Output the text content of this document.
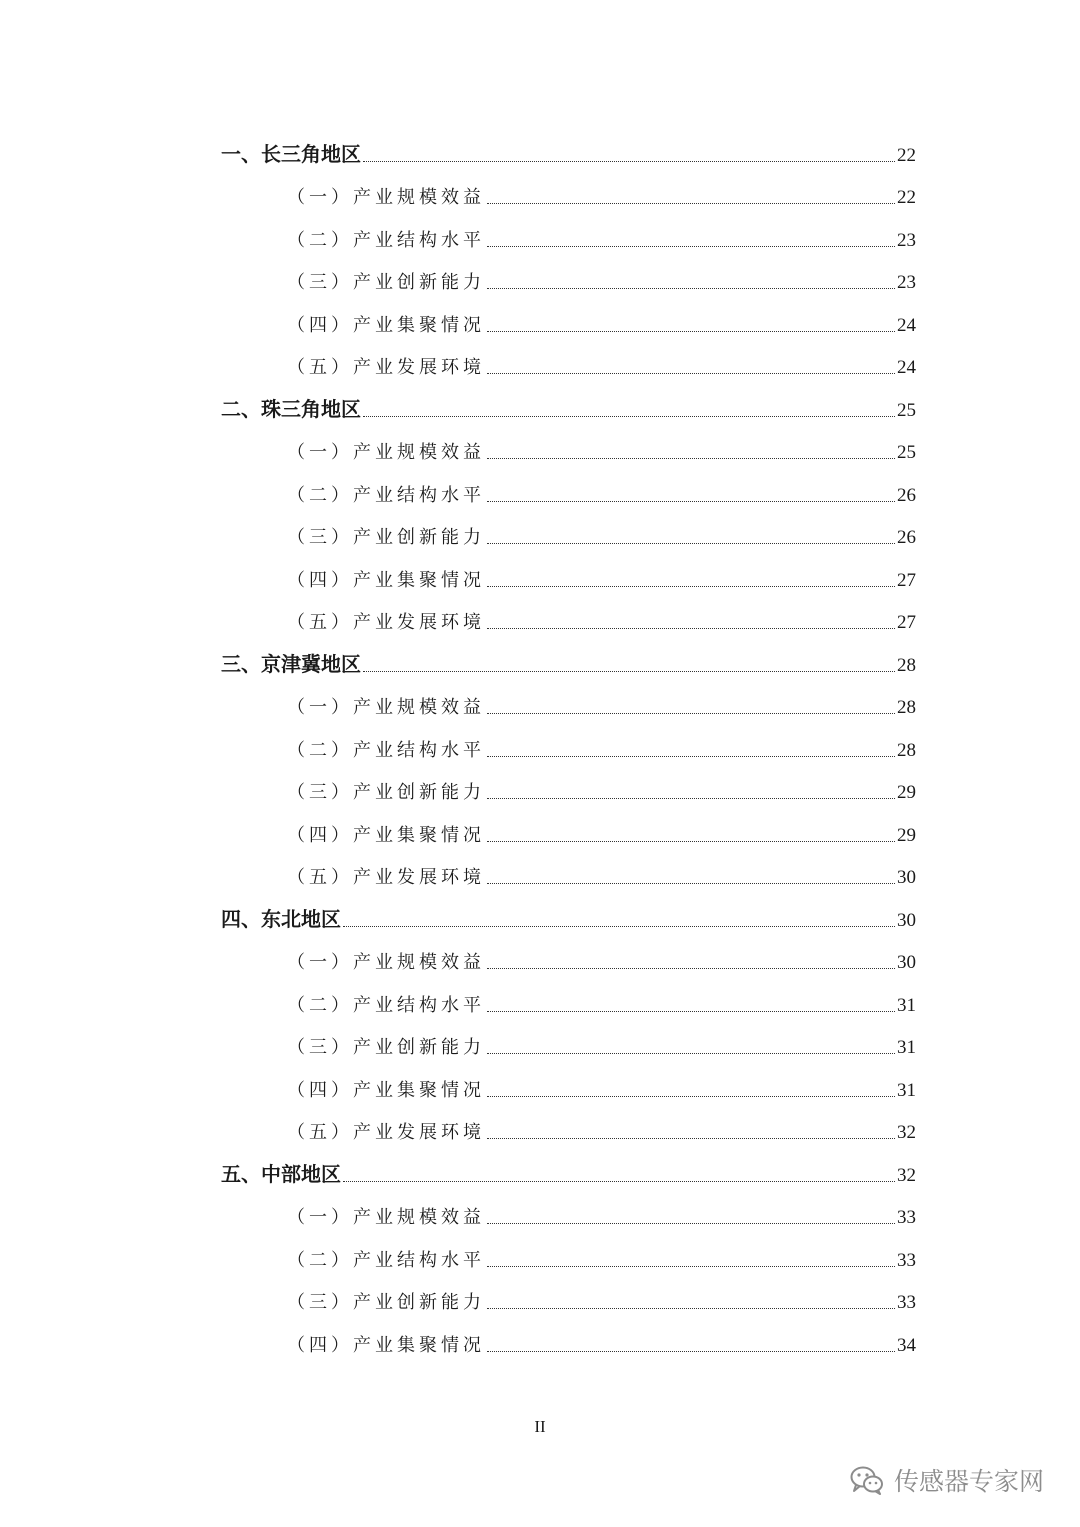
一、长三角地区	22
（一）产业规模效益	22
（二）产业结构水平	23
（三）产业创新能力	23
（四）产业集聚情况	24
（五）产业发展环境	24
二、珠三角地区	25
（一）产业规模效益	25
（二）产业结构水平	26
（三）产业创新能力	26
（四）产业集聚情况	27
（五）产业发展环境	27
三、京津冀地区	28
（一）产业规模效益	28
（二）产业结构水平	28
（三）产业创新能力	29
（四）产业集聚情况	29
（五）产业发展环境	30
四、东北地区	30
（一）产业规模效益	30
（二）产业结构水平	31
（三）产业创新能力	31
（四）产业集聚情况	31
（五）产业发展环境	32
五、中部地区	32
（一）产业规模效益	33
（二）产业结构水平	33
（三）产业创新能力	33
（四）产业集聚情况	34
II
传感器专家网
